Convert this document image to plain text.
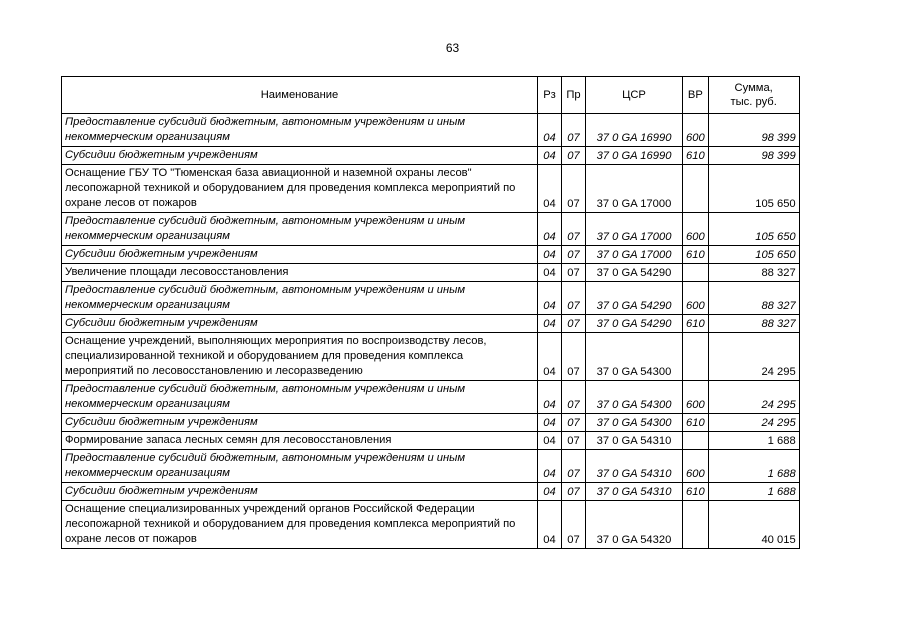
63
Наименование	Рз	Пр	ЦСР	ВР	Сумма,
тыс. руб.
Предоставление субсидий бюджетным, автономным учреждениям и иным некоммерческим организациям	04	07	37 0 GA 16990	600	98 399
Субсидии бюджетным учреждениям	04	07	37 0 GA 16990	610	98 399
Оснащение ГБУ ТО "Тюменская база авиационной и наземной охраны лесов" лесопожарной техникой и оборудованием для проведения комплекса мероприятий по охране лесов от пожаров	04	07	37 0 GA 17000		105 650
Предоставление субсидий бюджетным, автономным учреждениям и иным некоммерческим организациям	04	07	37 0 GA 17000	600	105 650
Субсидии бюджетным учреждениям	04	07	37 0 GA 17000	610	105 650
Увеличение площади лесовосстановления	04	07	37 0 GA 54290		88 327
Предоставление субсидий бюджетным, автономным учреждениям и иным некоммерческим организациям	04	07	37 0 GA 54290	600	88 327
Субсидии бюджетным учреждениям	04	07	37 0 GA 54290	610	88 327
Оснащение учреждений, выполняющих мероприятия по воспроизводству лесов, специализированной техникой и оборудованием для проведения комплекса мероприятий по лесовосстановлению и лесоразведению	04	07	37 0 GA 54300		24 295
Предоставление субсидий бюджетным, автономным учреждениям и иным некоммерческим организациям	04	07	37 0 GA 54300	600	24 295
Субсидии бюджетным учреждениям	04	07	37 0 GA 54300	610	24 295
Формирование запаса лесных семян для лесовосстановления	04	07	37 0 GA 54310		1 688
Предоставление субсидий бюджетным, автономным учреждениям и иным некоммерческим организациям	04	07	37 0 GA 54310	600	1 688
Субсидии бюджетным учреждениям	04	07	37 0 GA 54310	610	1 688
Оснащение специализированных учреждений органов Российской Федерации лесопожарной техникой и оборудованием для проведения комплекса мероприятий по охране лесов от пожаров	04	07	37 0 GA 54320		40 015
